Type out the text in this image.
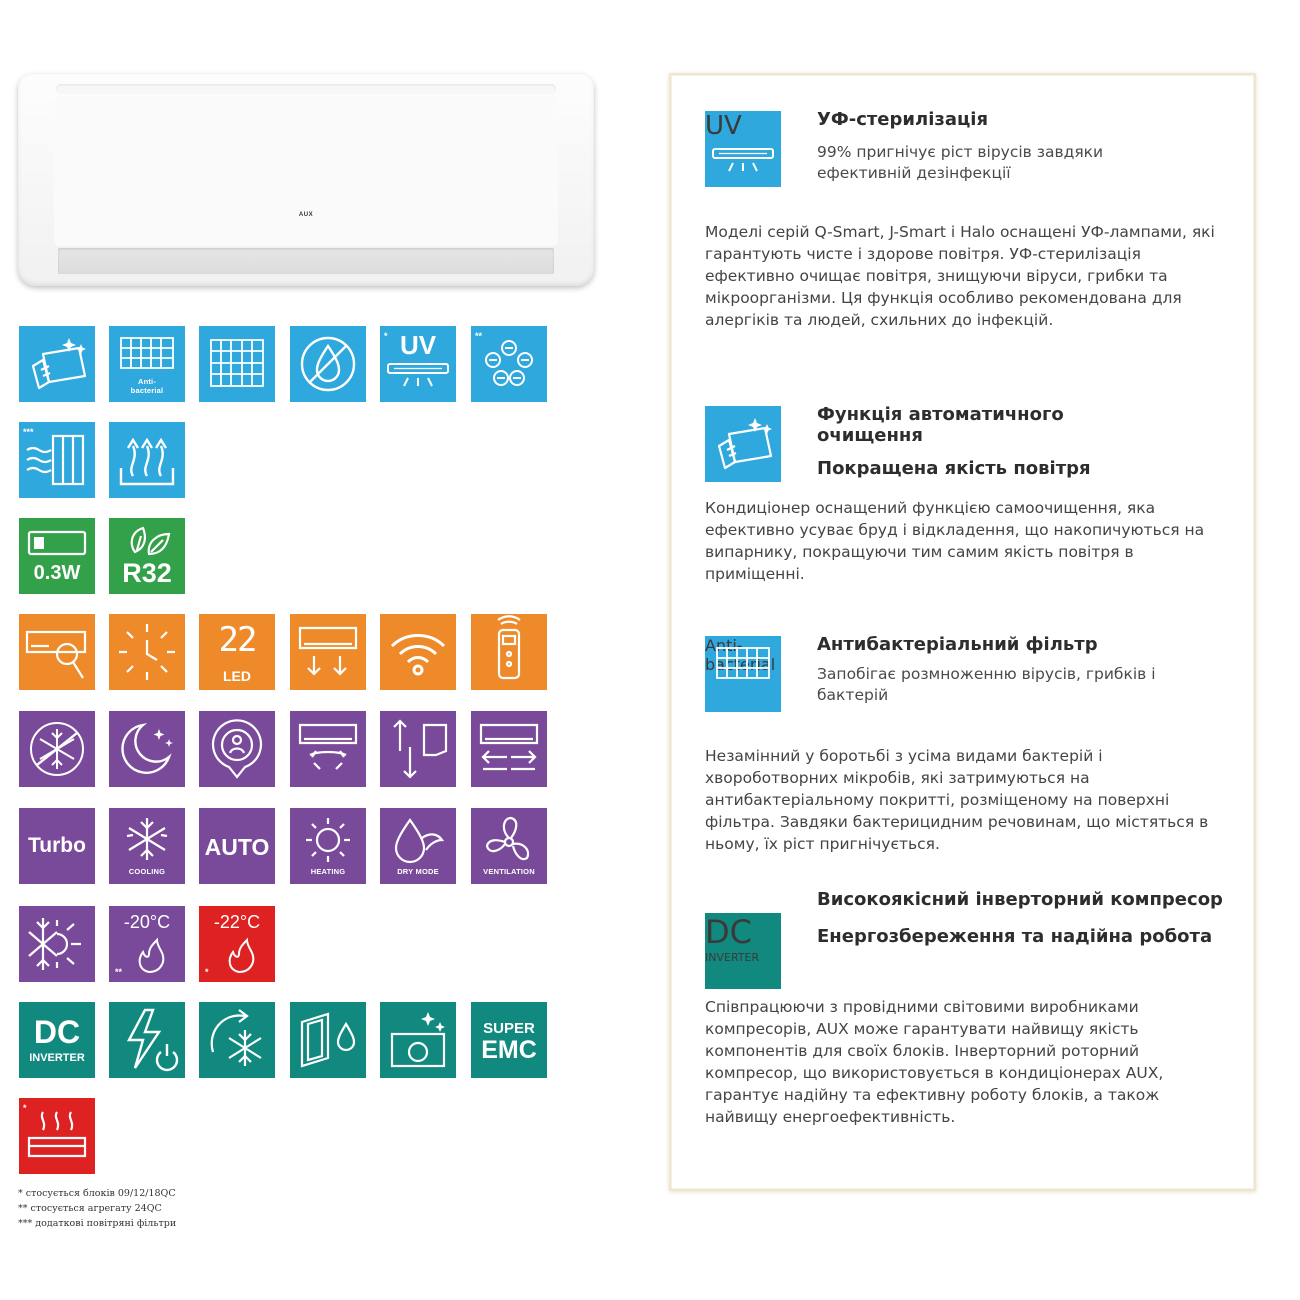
AUX
Anti-
bacterial
* UV	**
***
0.3W	R32
22
LED
Turbo
COOLING
AUTO
HEATING	DRY MODE	VENTILATION
-20°C
**
-22°C
*
DC
INVERTER
SUPER
EMC
*
* стосується блоків 09/12/18QC
** стосується агрегату 24QC
*** додаткові повітряні фільтри
UV	УФ-стерилізація
99% пригнічує ріст вірусів завдяки ефективній дезінфекції
Моделі серій Q-Smart, J-Smart і Halo оснащені УФ-лампами, які гарантують чисте і здорове повітря. УФ-стерилізація ефективно очищає повітря, знищуючи віруси, грибки та мікроорганізми. Ця функція особливо рекомендована для алергіків та людей, схильних до інфекцій.
Функція автоматичного
очищення
Покращена якість повітря
Кондиціонер оснащений функцією самоочищення, яка ефективно усуває бруд і відкладення, що накопичуються на випарнику, покращуючи тим самим якість повітря в приміщенні.
Anti-
bacterial
Антибактеріальний фільтр
Запобігає розмноженню вірусів, грибків і бактерій
Незамінний у боротьбі з усіма видами бактерій і хвороботворних мікробів, які затримуються на антибактеріальному покритті, розміщеному на поверхні фільтра. Завдяки бактерицидним речовинам, що містяться в ньому, їх ріст пригнічується.
DC
INVERTER
Високоякісний інверторний компресор
Енергозбереження та надійна робота
Співпрацюючи з провідними світовими виробниками компресорів, AUX може гарантувати найвищу якість компонентів для своїх блоків. Інверторний роторний компресор, що використовується в кондиціонерах AUX, гарантує надійну та ефективну роботу блоків, а також найвищу енергоефективність.
